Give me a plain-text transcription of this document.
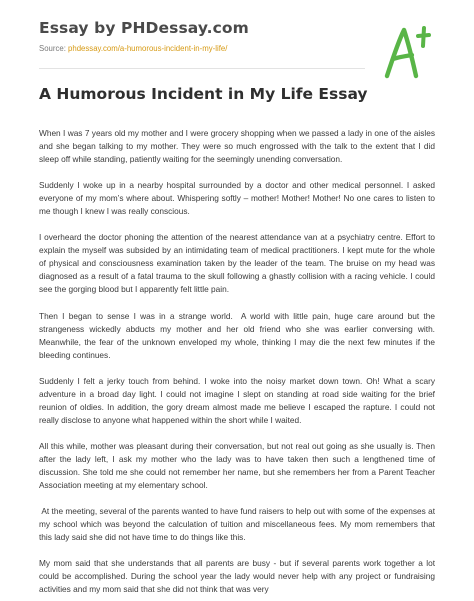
Essay by PHDessay.com
Source: phdessay.com/a-humorous-incident-in-my-life/
A Humorous Incident in My Life Essay

When I was 7 years old my mother and I were grocery shopping when we passed a lady in one of the aisles and she began talking to my mother. They were so much engrossed with the talk to the extent that I did sleep off while standing, patiently waiting for the seemingly unending conversation.

Suddenly I woke up in a nearby hospital surrounded by a doctor and other medical personnel. I asked everyone of my mom’s where about. Whispering softly – mother! Mother! Mother! No one cares to listen to me though I knew I was really conscious.

I overheard the doctor phoning the attention of the nearest attendance van at a psychiatry centre. Effort to explain the myself was subsided by an intimidating team of medical practitioners. I kept mute for the whole of physical and consciousness examination taken by the leader of the team. The bruise on my head was diagnosed as a result of a fatal trauma to the skull following a ghastly collision with a racing vehicle. I could see the gorging blood but I apparently felt little pain.

Then I began to sense I was in a strange world.  A world with little pain, huge care around but the strangeness wickedly abducts my mother and her old friend who she was earlier conversing with. Meanwhile, the fear of the unknown enveloped my whole, thinking I may die the next few minutes if the bleeding continues.

Suddenly I felt a jerky touch from behind. I woke into the noisy market down town. Oh! What a scary adventure in a broad day light. I could not imagine I slept on standing at road side waiting for the brief reunion of oldies. In addition, the gory dream almost made me believe I escaped the rapture. I could not really disclose to anyone what happened within the short while I waited.

All this while, mother was pleasant during their conversation, but not real out going as she usually is. Then after the lady left, I ask my mother who the lady was to have taken then such a lengthened time of discussion. She told me she could not remember her name, but she remembers her from a Parent Teacher Association meeting at my elementary school.

At the meeting, several of the parents wanted to have fund raisers to help out with some of the expenses at my school which was beyond the calculation of tuition and miscellaneous fees. My mom remembers that this lady said she did not have time to do things like this.

My mom said that she understands that all parents are busy - but if several parents work together a lot could be accomplished. During the school year the lady would never help with any project or fundraising activities and my mom said that she did not think that was very
